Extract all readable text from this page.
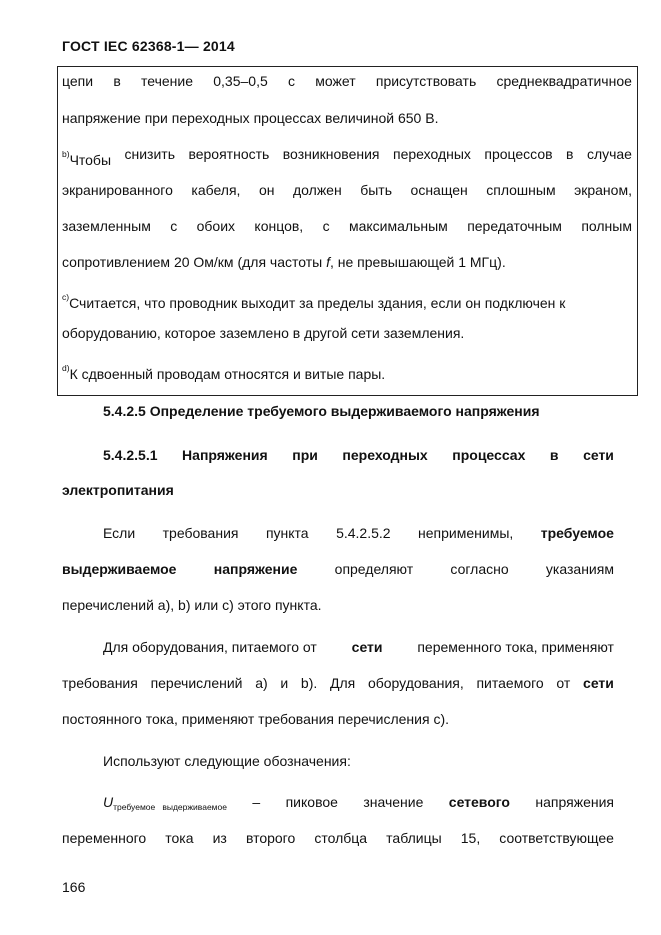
ГОСТ IEC 62368-1— 2014
цепи в течение 0,35–0,5 с может присутствовать среднеквадратичное
напряжение при переходных процессах величиной 650 В.
$^{b)}$Чтобы снизить вероятность возникновения переходных процессов в случае
экранированного кабеля, он должен быть оснащен сплошным экраном,
заземленным с обоих концов, с максимальным передаточным полным
сопротивлением 20 Ом/км (для частоты f, не превышающей 1 МГц).
$^{c)}$Считается, что проводник выходит за пределы здания, если он подключен к
оборудованию, которое заземлено в другой сети заземления.
$^{d)}$К сдвоенный проводам относятся и витые пары.
5.4.2.5 Определение требуемого выдерживаемого напряжения
5.4.2.5.1 Напряжения при переходных процессах в сети
электропитания
Если требования пункта 5.4.2.5.2 неприменимы, требуемое
выдерживаемое	напряжение	определяют	согласно	указаниям
перечислений а), b) или с) этого пункта.
Для оборудования, питаемого от сети переменного тока, применяют
требования перечислений а) и b). Для оборудования, питаемого от сети
постоянного тока, применяют требования перечисления с).
Используют следующие обозначения:
$U_{требуемое выдерживаемое}$ – пиковое значение сетевого напряжения
переменного тока из второго столбца таблицы 15, соответствующее
166
